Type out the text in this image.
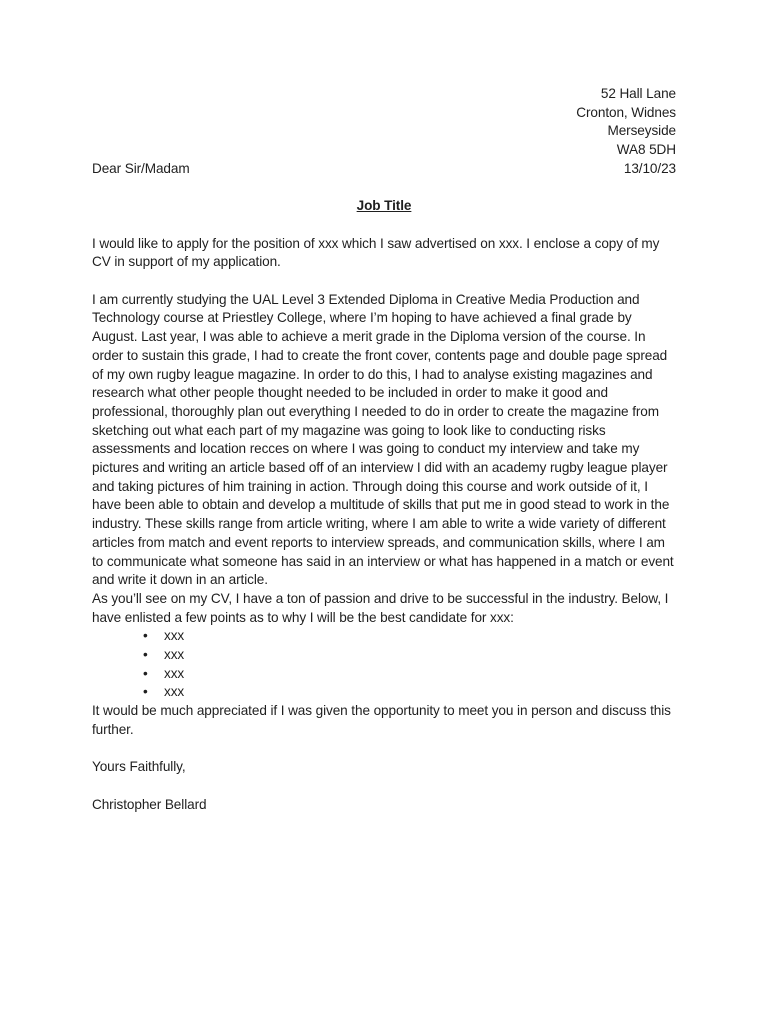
52 Hall Lane
Cronton, Widnes
Merseyside
WA8 5DH
Dear Sir/Madam	13/10/23
Job Title

I would like to apply for the position of xxx which I saw advertised on xxx. I enclose a copy of my CV in support of my application.

I am currently studying the UAL Level 3 Extended Diploma in Creative Media Production and Technology course at Priestley College, where I’m hoping to have achieved a final grade by August. Last year, I was able to achieve a merit grade in the Diploma version of the course. In order to sustain this grade, I had to create the front cover, contents page and double page spread of my own rugby league magazine. In order to do this, I had to analyse existing magazines and research what other people thought needed to be included in order to make it good and professional, thoroughly plan out everything I needed to do in order to create the magazine from sketching out what each part of my magazine was going to look like to conducting risks assessments and location recces on where I was going to conduct my interview and take my pictures and writing an article based off of an interview I did with an academy rugby league player and taking pictures of him training in action. Through doing this course and work outside of it, I have been able to obtain and develop a multitude of skills that put me in good stead to work in the industry. These skills range from article writing, where I am able to write a wide variety of different articles from match and event reports to interview spreads, and communication skills, where I am to communicate what someone has said in an interview or what has happened in a match or event and write it down in an article.

As you’ll see on my CV, I have a ton of passion and drive to be successful in the industry. Below, I have enlisted a few points as to why I will be the best candidate for xxx:

• xxx
• xxx
• xxx
• xxx

It would be much appreciated if I was given the opportunity to meet you in person and discuss this further.

Yours Faithfully,
Christopher Bellard
